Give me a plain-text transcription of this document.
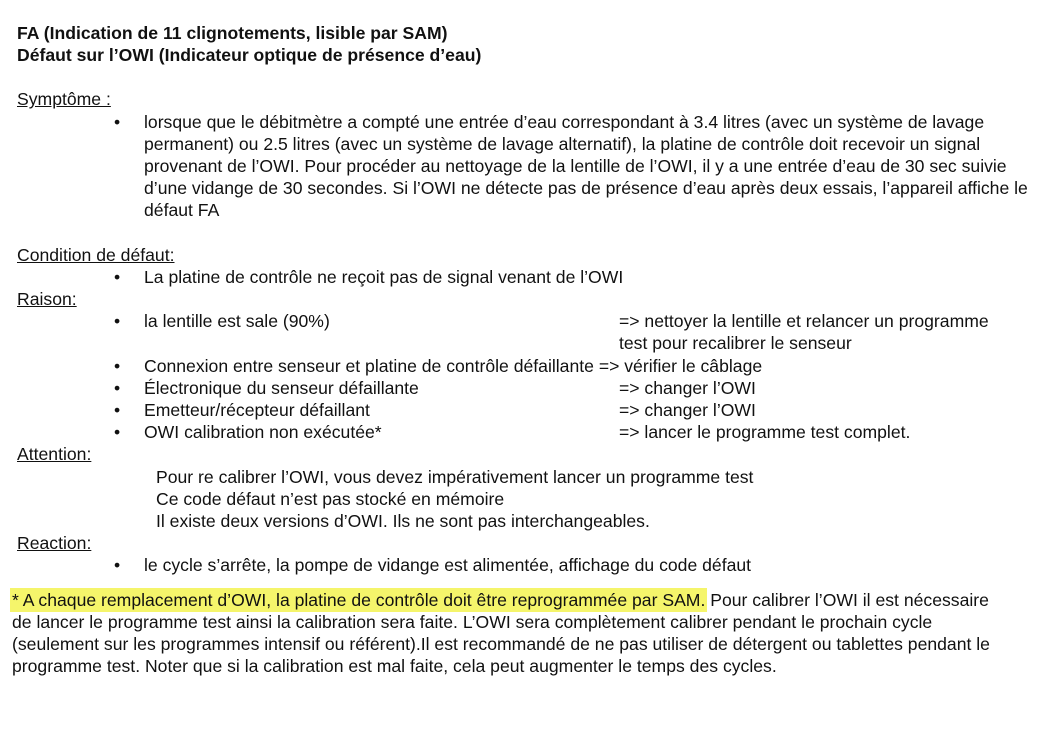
FA (Indication de 11 clignotements, lisible par SAM)

Défaut sur l’OWI (Indicateur optique de présence d’eau)

Symptôme :

• lorsque que le débitmètre a compté une entrée d’eau correspondant à 3.4 litres (avec un système de lavage permanent) ou 2.5 litres (avec un système de lavage alternatif), la platine de contrôle doit recevoir un signal provenant de l’OWI. Pour procéder au nettoyage de la lentille de l’OWI, il y a une entrée d’eau de 30 sec suivie d’une vidange de 30 secondes. Si l’OWI ne détecte pas de présence d’eau après deux essais, l’appareil affiche le défaut FA

Condition de défaut:

• La platine de contrôle ne reçoit pas de signal venant de l’OWI

Raison:

• la lentille est sale (90%)	=> nettoyer la lentille et relancer un programme test pour recalibrer le senseur

• Connexion entre senseur et platine de contrôle défaillante => vérifier le câblage

• Électronique du senseur défaillante	=> changer l’OWI

• Emetteur/récepteur défaillant	=> changer l’OWI

• OWI calibration non exécutée*	=> lancer le programme test complet.

Attention:

Pour re calibrer l’OWI, vous devez impérativement lancer un programme test

Ce code défaut n’est pas stocké en mémoire

Il existe deux versions d’OWI. Ils ne sont pas interchangeables.

Reaction:

• le cycle s’arrête, la pompe de vidange est alimentée, affichage du code défaut

* A chaque remplacement d’OWI, la platine de contrôle doit être reprogrammée par SAM. Pour calibrer l’OWI il est nécessaire de lancer le programme test ainsi la calibration sera faite. L’OWI sera complètement calibrer pendant le prochain cycle (seulement sur les programmes intensif ou référent).Il est recommandé de ne pas utiliser de détergent ou tablettes pendant le programme test. Noter que si la calibration est mal faite, cela peut augmenter le temps des cycles.
